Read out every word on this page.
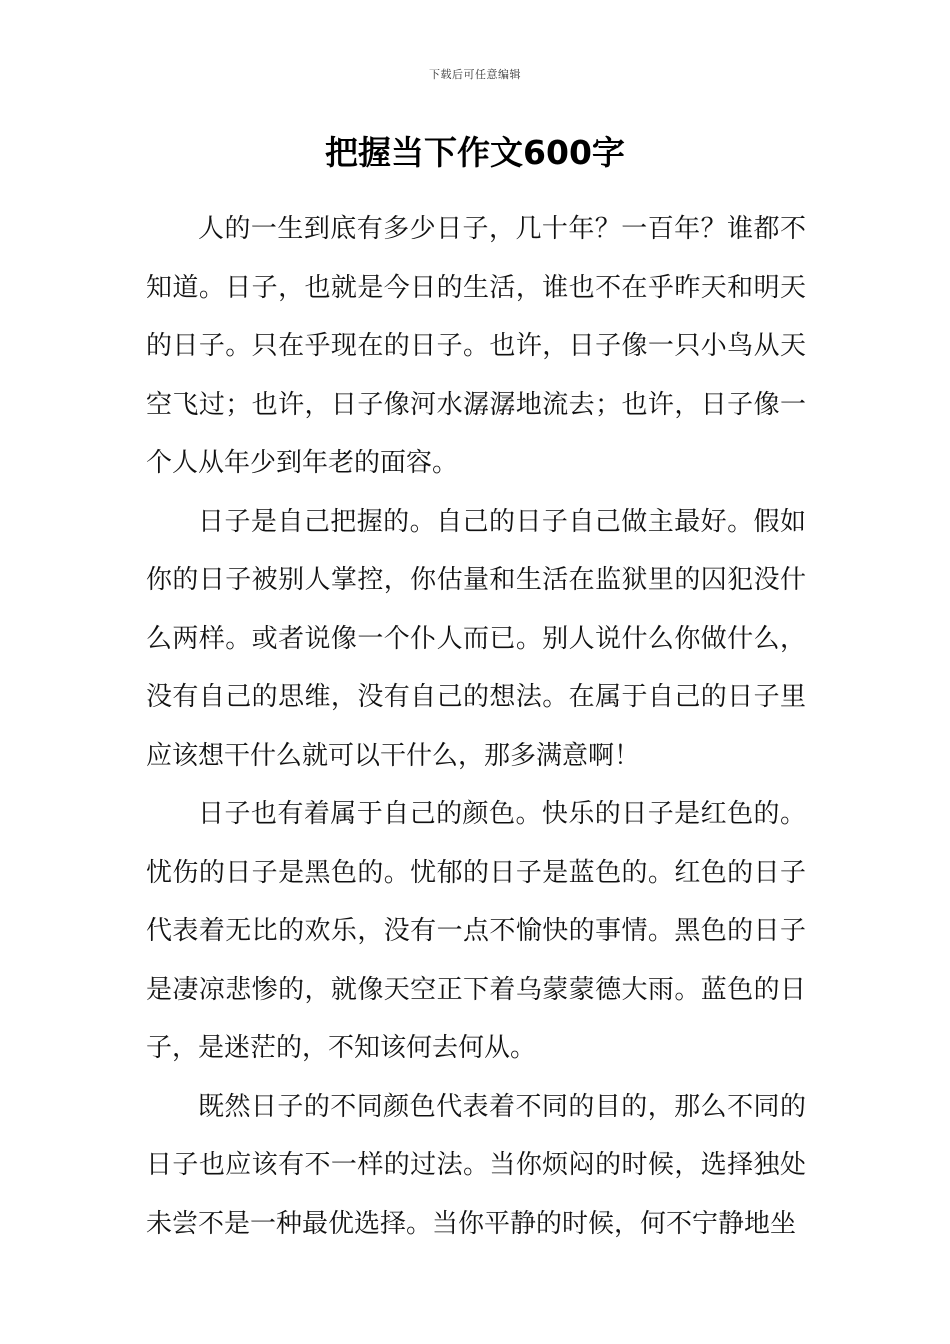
下载后可任意编辑
把握当下作文600字

人的一生到底有多少日子，几十年？一百年？谁都不知道。日子，也就是今日的生活，谁也不在乎昨天和明天的日子。只在乎现在的日子。也许，日子像一只小鸟从天空飞过；也许，日子像河水潺潺地流去；也许，日子像一个人从年少到年老的面容。

日子是自己把握的。自己的日子自己做主最好。假如你的日子被别人掌控，你估量和生活在监狱里的囚犯没什么两样。或者说像一个仆人而已。别人说什么你做什么，没有自己的思维，没有自己的想法。在属于自己的日子里应该想干什么就可以干什么，那多满意啊！

日子也有着属于自己的颜色。快乐的日子是红色的。忧伤的日子是黑色的。忧郁的日子是蓝色的。红色的日子代表着无比的欢乐，没有一点不愉快的事情。黑色的日子是凄凉悲惨的，就像天空正下着乌蒙蒙德大雨。蓝色的日子，是迷茫的，不知该何去何从。

既然日子的不同颜色代表着不同的目的，那么不同的日子也应该有不一样的过法。当你烦闷的时候，选择独处未尝不是一种最优选择。当你平静的时候，何不宁静地坐
